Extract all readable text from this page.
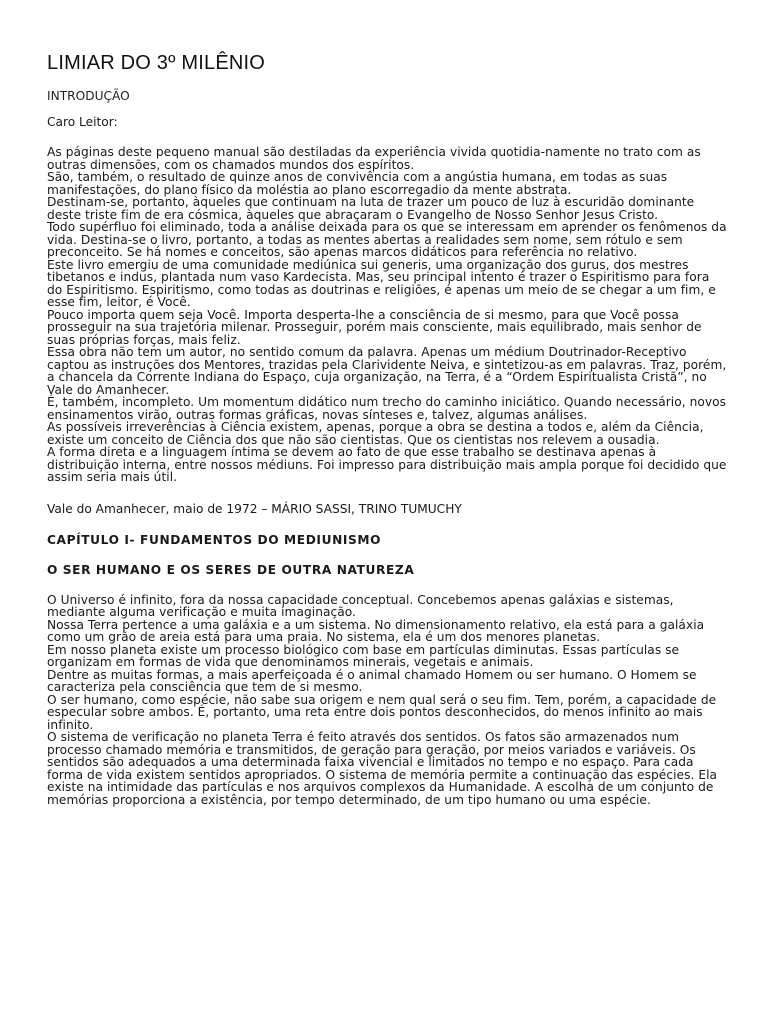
LIMIAR DO 3º MILÊNIO
INTRODUÇÃO
Caro Leitor:

As páginas deste pequeno manual são destiladas da experiência vivida quotidia-namente no trato com as outras dimensões, com os chamados mundos dos espíritos.

São, também, o resultado de quinze anos de convivência com a angústia humana, em todas as suas manifestações, do plano físico da moléstia ao plano escorregadio da mente abstrata.

Destinam-se, portanto, àqueles que continuam na luta de trazer um pouco de luz à escuridão dominante deste triste fim de era cósmica, àqueles que abraçaram o Evangelho de Nosso Senhor Jesus Cristo.

Todo supérfluo foi eliminado, toda a análise deixada para os que se interessam em aprender os fenômenos da vida. Destina-se o livro, portanto, a todas as mentes abertas a realidades sem nome, sem rótulo e sem preconceito. Se há nomes e conceitos, são apenas marcos didáticos para referência no relativo.

Este livro emergiu de uma comunidade mediúnica sui generis, uma organização dos gurus, dos mestres tibetanos e indus, plantada num vaso Kardecista. Mas, seu principal intento é trazer o Espiritismo para fora do Espiritismo. Espiritismo, como todas as doutrinas e religiões, é apenas um meio de se chegar a um fim, e esse fim, leitor, é Você.

Pouco importa quem seja Você. Importa desperta-lhe a consciência de si mesmo, para que Você possa prosseguir na sua trajetória milenar. Prosseguir, porém mais consciente, mais equilibrado, mais senhor de suas próprias forças, mais feliz.

Essa obra não tem um autor, no sentido comum da palavra. Apenas um médium Doutrinador-Receptivo captou as instruções dos Mentores, trazidas pela Clarividente Neiva, e sintetizou-as em palavras. Traz, porém, a chancela da Corrente Indiana do Espaço, cuja organização, na Terra, é a “Ordem Espiritualista Cristã”, no Vale do Amanhecer.

É, também, incompleto. Um momentum didático num trecho do caminho iniciático. Quando necessário, novos ensinamentos virão, outras formas gráficas, novas sínteses e, talvez, algumas análises.

As possíveis irreverências à Ciência existem, apenas, porque a obra se destina a todos e, além da Ciência, existe um conceito de Ciência dos que não são cientistas. Que os cientistas nos relevem a ousadia.

A forma direta e a linguagem íntima se devem ao fato de que esse trabalho se destinava apenas à distribuição interna, entre nossos médiuns. Foi impresso para distribuição mais ampla porque foi decidido que assim seria mais útil.

Vale do Amanhecer, maio de 1972 – MÁRIO SASSI, TRINO TUMUCHY
CAPÍTULO I- FUNDAMENTOS DO MEDIUNISMO
O SER HUMANO E OS SERES DE OUTRA NATUREZA

O Universo é infinito, fora da nossa capacidade conceptual. Concebemos apenas galáxias e sistemas, mediante alguma verificação e muita imaginação.

Nossa Terra pertence a uma galáxia e a um sistema. No dimensionamento relativo, ela está para a galáxia como um grão de areia está para uma praia. No sistema, ela é um dos menores planetas.

Em nosso planeta existe um processo biológico com base em partículas diminutas. Essas partículas se organizam em formas de vida que denominamos minerais, vegetais e animais.

Dentre as muitas formas, a mais aperfeiçoada é o animal chamado Homem ou ser humano. O Homem se caracteriza pela consciência que tem de si mesmo.

O ser humano, como espécie, não sabe sua origem e nem qual será o seu fim. Tem, porém, a capacidade de especular sobre ambos. É, portanto, uma reta entre dois pontos desconhecidos, do menos infinito ao mais infinito.

O sistema de verificação no planeta Terra é feito através dos sentidos. Os fatos são armazenados num processo chamado memória e transmitidos, de geração para geração, por meios variados e variáveis. Os sentidos são adequados a uma determinada faixa vivencial e limitados no tempo e no espaço. Para cada forma de vida existem sentidos apropriados. O sistema de memória permite a continuação das espécies. Ela existe na intimidade das partículas e nos arquivos complexos da Humanidade. A escolha de um conjunto de memórias proporciona a existência, por tempo determinado, de um tipo humano ou uma espécie.
